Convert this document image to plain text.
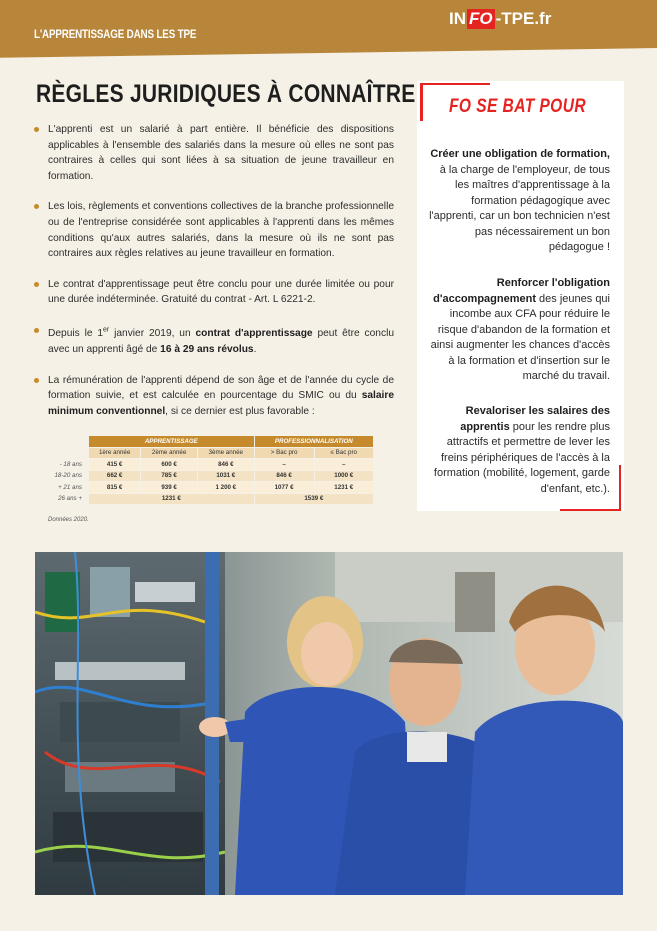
L'APPRENTISSAGE DANS LES TPE
IN FO -TPE.fr
RÈGLES JURIDIQUES À CONNAÎTRE
L'apprenti est un salarié à part entière. Il bénéficie des dispositions applicables à l'ensemble des salariés dans la mesure où elles ne sont pas contraires à celles qui sont liées à sa situation de jeune travailleur en formation.
Les lois, règlements et conventions collectives de la branche professionnelle ou de l'entreprise considérée sont applicables à l'apprenti dans les mêmes conditions qu'aux autres salariés, dans la mesure où ils ne sont pas contraires aux règles relatives au jeune travailleur en formation.
Le contrat d'apprentissage peut être conclu pour une durée limitée ou pour une durée indéterminée. Gratuité du contrat - Art. L 6221-2.
Depuis le 1er janvier 2019, un contrat d'apprentissage peut être conclu avec un apprenti âgé de 16 à 29 ans révolus.
La rémunération de l'apprenti dépend de son âge et de l'année du cycle de formation suivie, et est calculée en pourcentage du SMIC ou du salaire minimum conventionnel, si ce dernier est plus favorable :
	APPRENTISSAGE			PROFESSIONNALISATION	
	1ère année	2ème année	3ème année	> Bac pro	≤ Bac pro
- 18 ans	415 €	600 €	846 €	–	–
18-20 ans	662 €	785 €	1031 €	846 €	1000 €
+ 21 ans	815 €	939 €	1 200 €	1077 €	1231 €
26 ans +	1231 €			1539 €	
Données 2020.
FO SE BAT POUR
Créer une obligation de formation, à la charge de l'employeur, de tous les maîtres d'apprentissage à la formation pédagogique avec l'apprenti, car un bon technicien n'est pas nécessairement un bon pédagogue !
Renforcer l'obligation d'accompagnement des jeunes qui incombe aux CFA pour réduire le risque d'abandon de la formation et ainsi augmenter les chances d'accès à la formation et d'insertion sur le marché du travail.
Revaloriser les salaires des apprentis pour les rendre plus attractifs et permettre de lever les freins périphériques de l'accès à la formation (mobilité, logement, garde d'enfant, etc.).
